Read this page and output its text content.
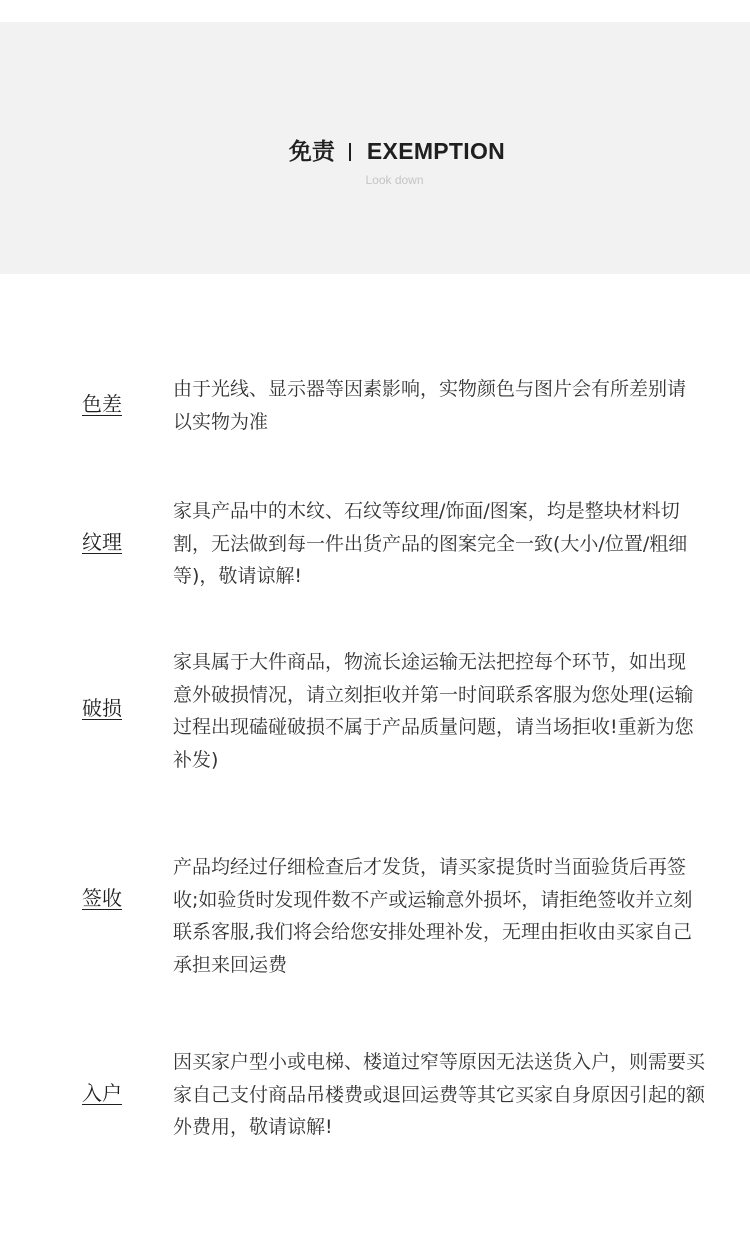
免责 EXEMPTION
Look down
色差
由于光线、显示器等因素影响，实物颜色与图片会有所差别请
以实物为准
纹理
家具产品中的木纹、石纹等纹理/饰面/图案，均是整块材料切
割，无法做到每一件出货产品的图案完全一致(大小/位置/粗细
等)，敬请谅解!
破损
家具属于大件商品，物流长途运输无法把控每个环节，如出现
意外破损情况，请立刻拒收并第一时间联系客服为您处理(运输
过程出现磕碰破损不属于产品质量问题，请当场拒收!重新为您
补发)
签收
产品均经过仔细检查后才发货，请买家提货时当面验货后再签
收;如验货时发现件数不产或运输意外损坏，请拒绝签收并立刻
联系客服,我们将会给您安排处理补发，无理由拒收由买家自己
承担来回运费
入户
因买家户型小或电梯、楼道过窄等原因无法送货入户，则需要买
家自己支付商品吊楼费或退回运费等其它买家自身原因引起的额
外费用，敬请谅解!
